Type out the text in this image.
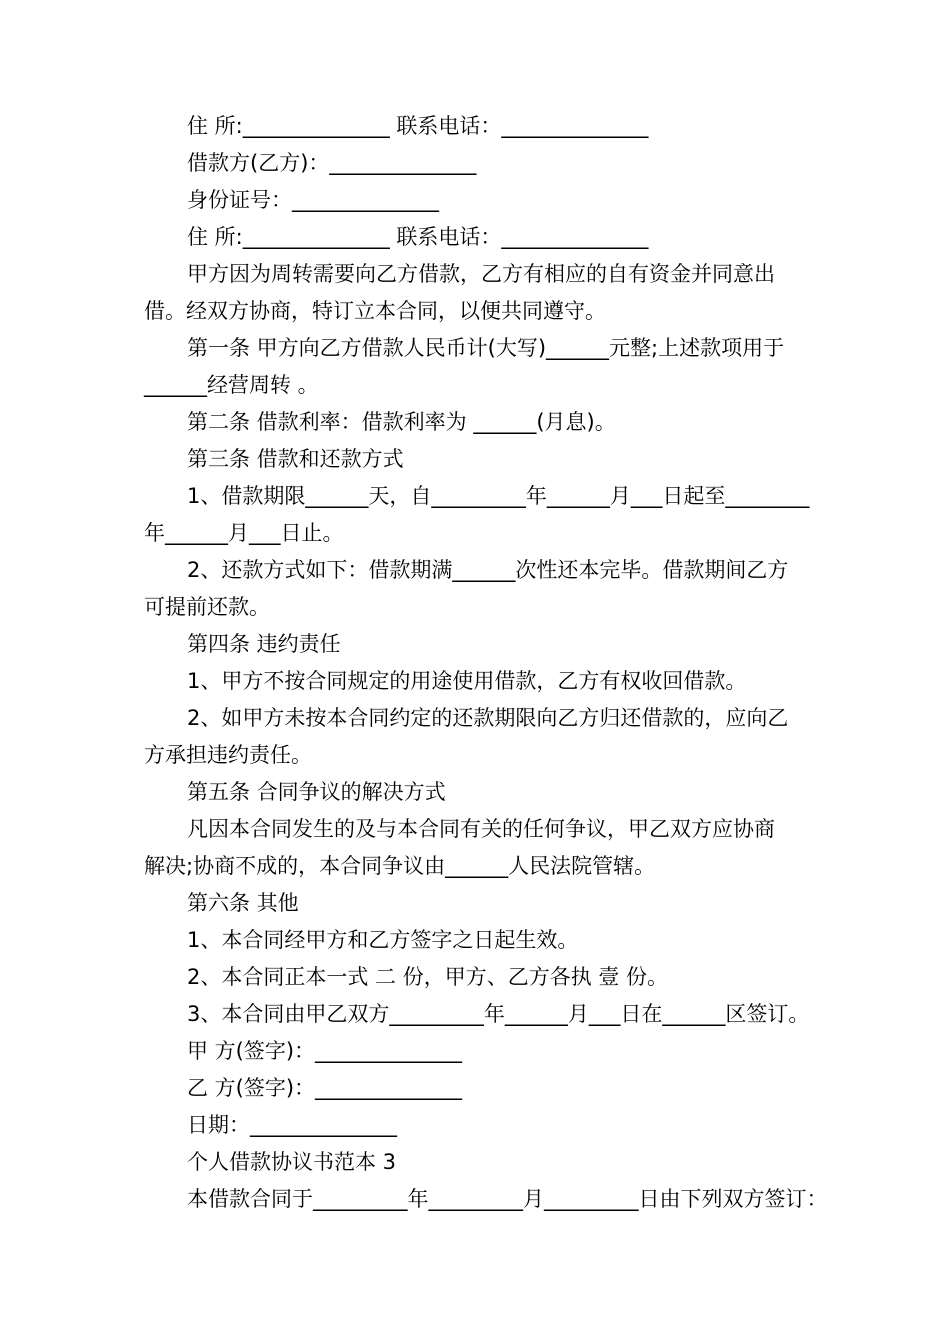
住 所:______________ 联系电话：______________
借款方(乙方)：______________
身份证号：______________
住 所:______________ 联系电话：______________
甲方因为周转需要向乙方借款，乙方有相应的自有资金并同意出
借。经双方协商，特订立本合同，以便共同遵守。
第一条 甲方向乙方借款人民币计(大写)______元整;上述款项用于
______经营周转 。
第二条 借款利率：借款利率为 ______(月息)。
第三条 借款和还款方式
1、借款期限______天，自_________年______月___日起至________
年______月___日止。
2、还款方式如下：借款期满______次性还本完毕。借款期间乙方
可提前还款。
第四条 违约责任
1、甲方不按合同规定的用途使用借款，乙方有权收回借款。
2、如甲方未按本合同约定的还款期限向乙方归还借款的，应向乙
方承担违约责任。
第五条 合同争议的解决方式
凡因本合同发生的及与本合同有关的任何争议，甲乙双方应协商
解决;协商不成的，本合同争议由______人民法院管辖。
第六条 其他
1、本合同经甲方和乙方签字之日起生效。
2、本合同正本一式 二 份，甲方、乙方各执 壹 份。
3、本合同由甲乙双方_________年______月___日在______区签订。
甲 方(签字)：______________
乙 方(签字)：______________
日期：______________
个人借款协议书范本 3
本借款合同于_________年_________月_________日由下列双方签订：
